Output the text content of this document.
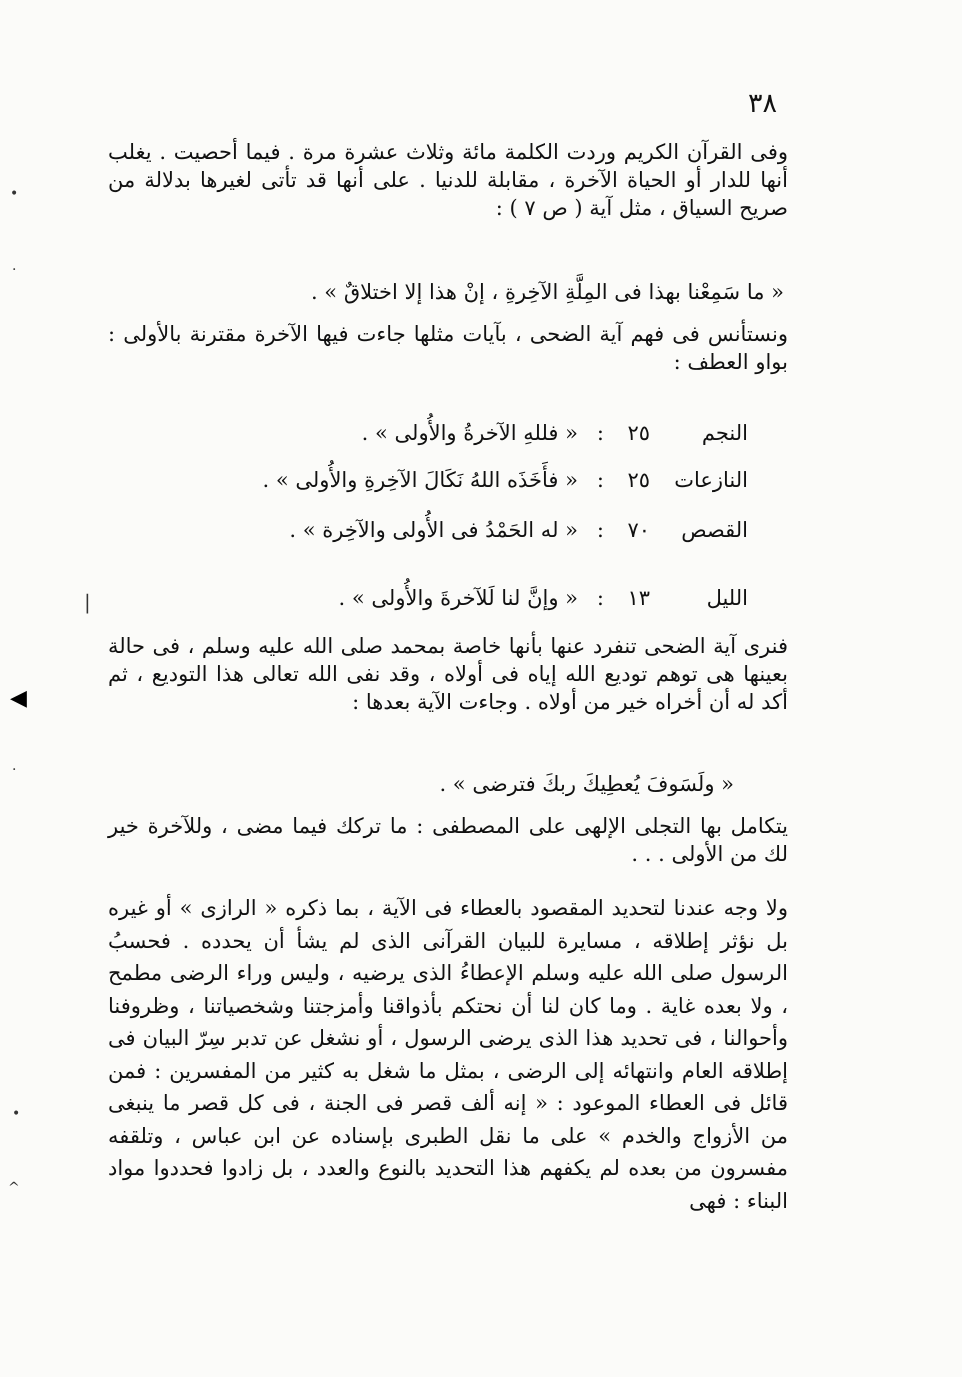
٣٨

وفى القرآن الكريم وردت الكلمة مائة وثلاث عشرة مرة . فيما أحصيت . يغلب أنها للدار أو الحياة الآخرة ، مقابلة للدنيا . على أنها قد تأتى لغيرها بدلالة من صريح السياق ، مثل آية ( ص ٧ ) :

« ما سَمِعْنا بهذا فى المِلَّةِ الآخِرةِ ، إنْ هذا إلا اختلاقٌ » .

ونستأنس فى فهم آية الضحى ، بآيات مثلها جاءت فيها الآخرة مقترنة بالأولى : بواو العطف :

النجم
٢٥
:
« فللهِ الآخرةُ والأُولى » .
النازعات
٢٥
:
« فأَخَذَه اللهُ نَكَالَ الآخِرةِ والأُولى » .
القصص
٧٠
:
« له الحَمْدُ فى الأُولى والآخِرة » .
الليل
١٣
:
« وإنَّ لنا لَلآخرةَ والأُولى » .

فنرى آية الضحى تنفرد عنها بأنها خاصة بمحمد صلى الله عليه وسلم ، فى حالة بعينها هى توهم توديع الله إياه فى أولاه ، وقد نفى الله تعالى هذا التوديع ، ثم أكد له أن أخراه خير من أولاه . وجاءت الآية بعدها :

« ولَسَوفَ يُعطِيكَ ربكَ فترضى » .

يتكامل بها التجلى الإلهى على المصطفى : ما تركك فيما مضى ، وللآخرة خير لك من الأولى . . .

ولا وجه عندنا لتحديد المقصود بالعطاء فى الآية ، بما ذكره « الرازى » أو غيره بل نؤثر إطلاقه ، مسايرة للبيان القرآنى الذى لم يشأ أن يحدده . فحسبُ الرسول صلى الله عليه وسلم الإعطاءُ الذى يرضيه ، وليس وراء الرضى مطمح ، ولا بعده غاية . وما كان لنا أن نحتكم بأذواقنا وأمزجتنا وشخصياتنا ، وظروفنا وأحوالنا ، فى تحديد هذا الذى يرضى الرسول ، أو نشغل عن تدبر سِرّ البيان فى إطلاقه العام وانتهائه إلى الرضى ، بمثل ما شغل به كثير من المفسرين : فمن قائل فى العطاء الموعود : « إنه ألف قصر فى الجنة ، فى كل قصر ما ينبغى من الأزواج والخدم » على ما نقل الطبرى بإسناده عن ابن عباس ، وتلقفه مفسرون من بعده لم يكفهم هذا التحديد بالنوع والعدد ، بل زادوا فحددوا مواد البناء : فهى

•
·
|
◀
·
•
^
